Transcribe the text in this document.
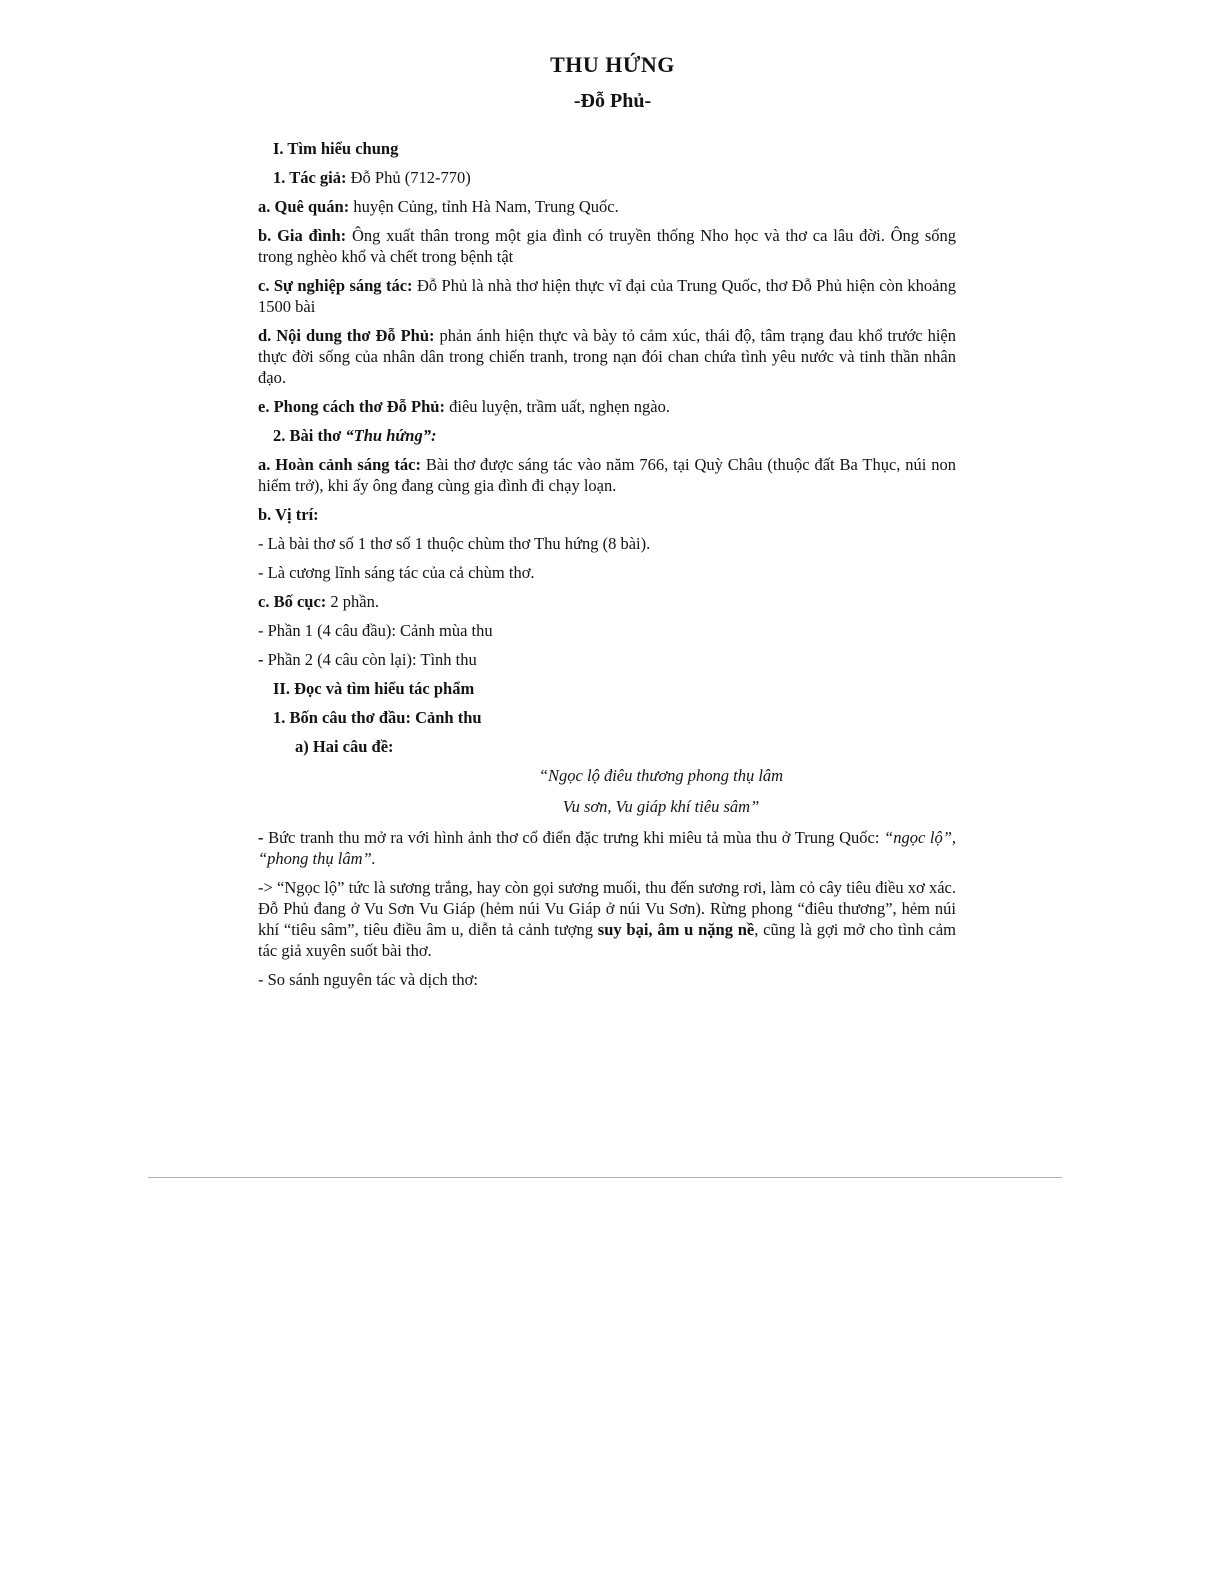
THU HỨNG
-Đỗ Phủ-

I. Tìm hiểu chung

1. Tác giả: Đỗ Phủ (712-770)

a. Quê quán: huyện Củng, tỉnh Hà Nam, Trung Quốc.

b. Gia đình: Ông xuất thân trong một gia đình có truyền thống Nho học và thơ ca lâu đời. Ông sống trong nghèo khổ và chết trong bệnh tật

c. Sự nghiệp sáng tác: Đỗ Phủ là nhà thơ hiện thực vĩ đại của Trung Quốc, thơ Đỗ Phủ hiện còn khoảng 1500 bài

d. Nội dung thơ Đỗ Phủ: phản ánh hiện thực và bày tỏ cảm xúc, thái độ, tâm trạng đau khổ trước hiện thực đời sống của nhân dân trong chiến tranh, trong nạn đói chan chứa tình yêu nước và tinh thần nhân đạo.

e. Phong cách thơ Đỗ Phủ: điêu luyện, trầm uất, nghẹn ngào.

2. Bài thơ “Thu hứng”:

a. Hoàn cảnh sáng tác: Bài thơ được sáng tác vào năm 766, tại Quỳ Châu (thuộc đất Ba Thục, núi non hiểm trở), khi ấy ông đang cùng gia đình đi chạy loạn.

b. Vị trí:

- Là bài thơ số 1 thơ số 1 thuộc chùm thơ Thu hứng (8 bài).

- Là cương lĩnh sáng tác của cả chùm thơ.

c. Bố cục: 2 phần.

- Phần 1 (4 câu đầu): Cảnh mùa thu

- Phần 2 (4 câu còn lại): Tình thu

II. Đọc và tìm hiểu tác phẩm

1. Bốn câu thơ đầu: Cảnh thu

a) Hai câu đề:

“Ngọc lộ điêu thương phong thụ lâm

Vu sơn, Vu giáp khí tiêu sâm”

- Bức tranh thu mở ra với hình ảnh thơ cổ điển đặc trưng khi miêu tả mùa thu ở Trung Quốc: “ngọc lộ”, “phong thụ lâm”.

-> “Ngọc lộ” tức là sương trắng, hay còn gọi sương muối, thu đến sương rơi, làm cỏ cây tiêu điều xơ xác. Đỗ Phủ đang ở Vu Sơn Vu Giáp (hẻm núi Vu Giáp ở núi Vu Sơn). Rừng phong “điêu thương”, hẻm núi khí “tiêu sâm”, tiêu điều âm u, diễn tả cảnh tượng suy bại, âm u nặng nề, cũng là gợi mở cho tình cảm tác giả xuyên suốt bài thơ.

- So sánh nguyên tác và dịch thơ:
